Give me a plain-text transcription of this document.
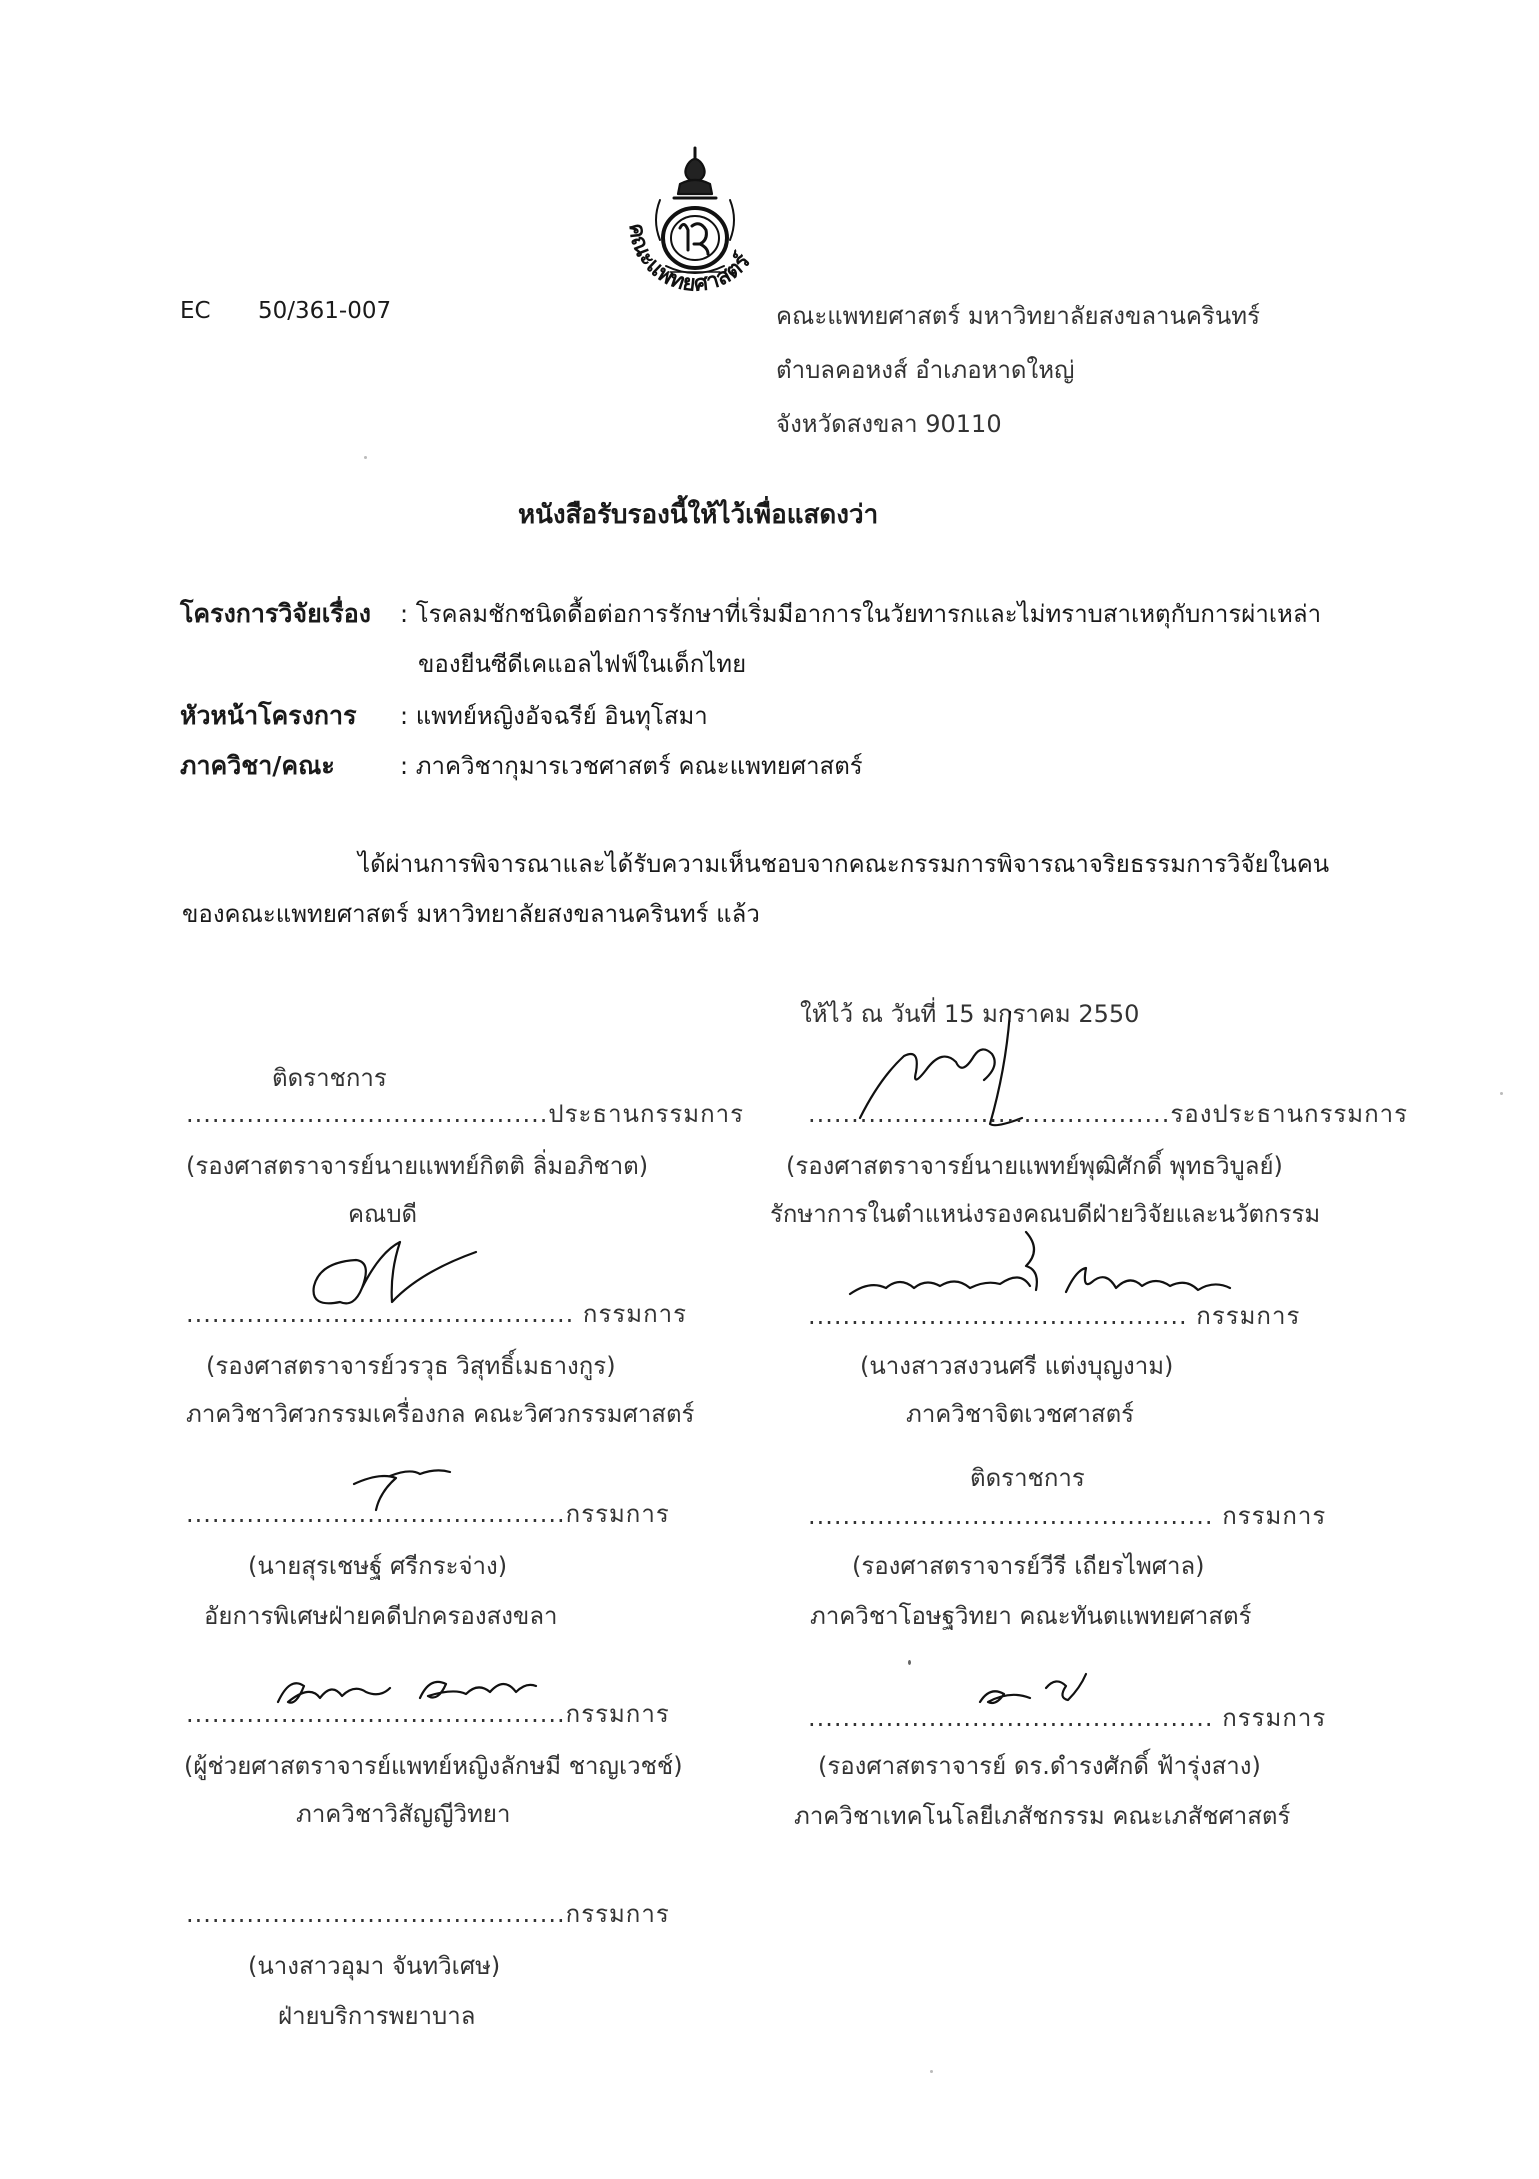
คณะแพทยศาสตร์
EC 50/361-007	คณะแพทยศาสตร์ มหาวิทยาลัยสงขลานครินทร์
ตำบลคอหงส์ อำเภอหาดใหญ่
จังหวัดสงขลา 90110
หนังสือรับรองนี้ให้ไว้เพื่อแสดงว่า
โครงการวิจัยเรื่อง : โรคลมชักชนิดดื้อต่อการรักษาที่เริ่มมีอาการในวัยทารกและไม่ทราบสาเหตุกับการผ่าเหล่า
ของยีนซีดีเคแอลไฟฟ์ในเด็กไทย
หัวหน้าโครงการ : แพทย์หญิงอัจฉรีย์ อินทุโสมา
ภาควิชา/คณะ	: ภาควิชากุมารเวชศาสตร์ คณะแพทยศาสตร์
ได้ผ่านการพิจารณาและได้รับความเห็นชอบจากคณะกรรมการพิจารณาจริยธรรมการวิจัยในคน
ของคณะแพทยศาสตร์ มหาวิทยาลัยสงขลานครินทร์ แล้ว
ให้ไว้ ณ วันที่ 15 มกราคม 2550
ติดราชการ
..........................................ประธานกรรมการ
(รองศาสตราจารย์นายแพทย์กิตติ ลิ่มอภิชาต)
คณบดี
............................................. กรรมการ
(รองศาสตราจารย์วรวุธ วิสุทธิ์เมธางกูร)
ภาควิชาวิศวกรรมเครื่องกล คณะวิศวกรรมศาสตร์
............................................กรรมการ
(นายสุรเชษฐ์ ศรีกระจ่าง)
อัยการพิเศษฝ่ายคดีปกครองสงขลา
............................................กรรมการ
(ผู้ช่วยศาสตราจารย์แพทย์หญิงลักษมี ชาญเวชช์)
ภาควิชาวิสัญญีวิทยา
............................................กรรมการ
(นางสาวอุมา จันทวิเศษ)
ฝ่ายบริการพยาบาล
..........................................รองประธานกรรมการ
(รองศาสตราจารย์นายแพทย์พุฒิศักดิ์ พุทธวิบูลย์)
รักษาการในตำแหน่งรองคณบดีฝ่ายวิจัยและนวัตกรรม
............................................ กรรมการ
(นางสาวสงวนศรี แต่งบุญงาม)
ภาควิชาจิตเวชศาสตร์
ติดราชการ
............................................... กรรมการ
(รองศาสตราจารย์วีรี เถียรไพศาล)
ภาควิชาโอษฐวิทยา คณะทันตแพทยศาสตร์
............................................... กรรมการ
(รองศาสตราจารย์ ดร.ดำรงศักดิ์ ฟ้ารุ่งสาง)
ภาควิชาเทคโนโลยีเภสัชกรรม คณะเภสัชศาสตร์
